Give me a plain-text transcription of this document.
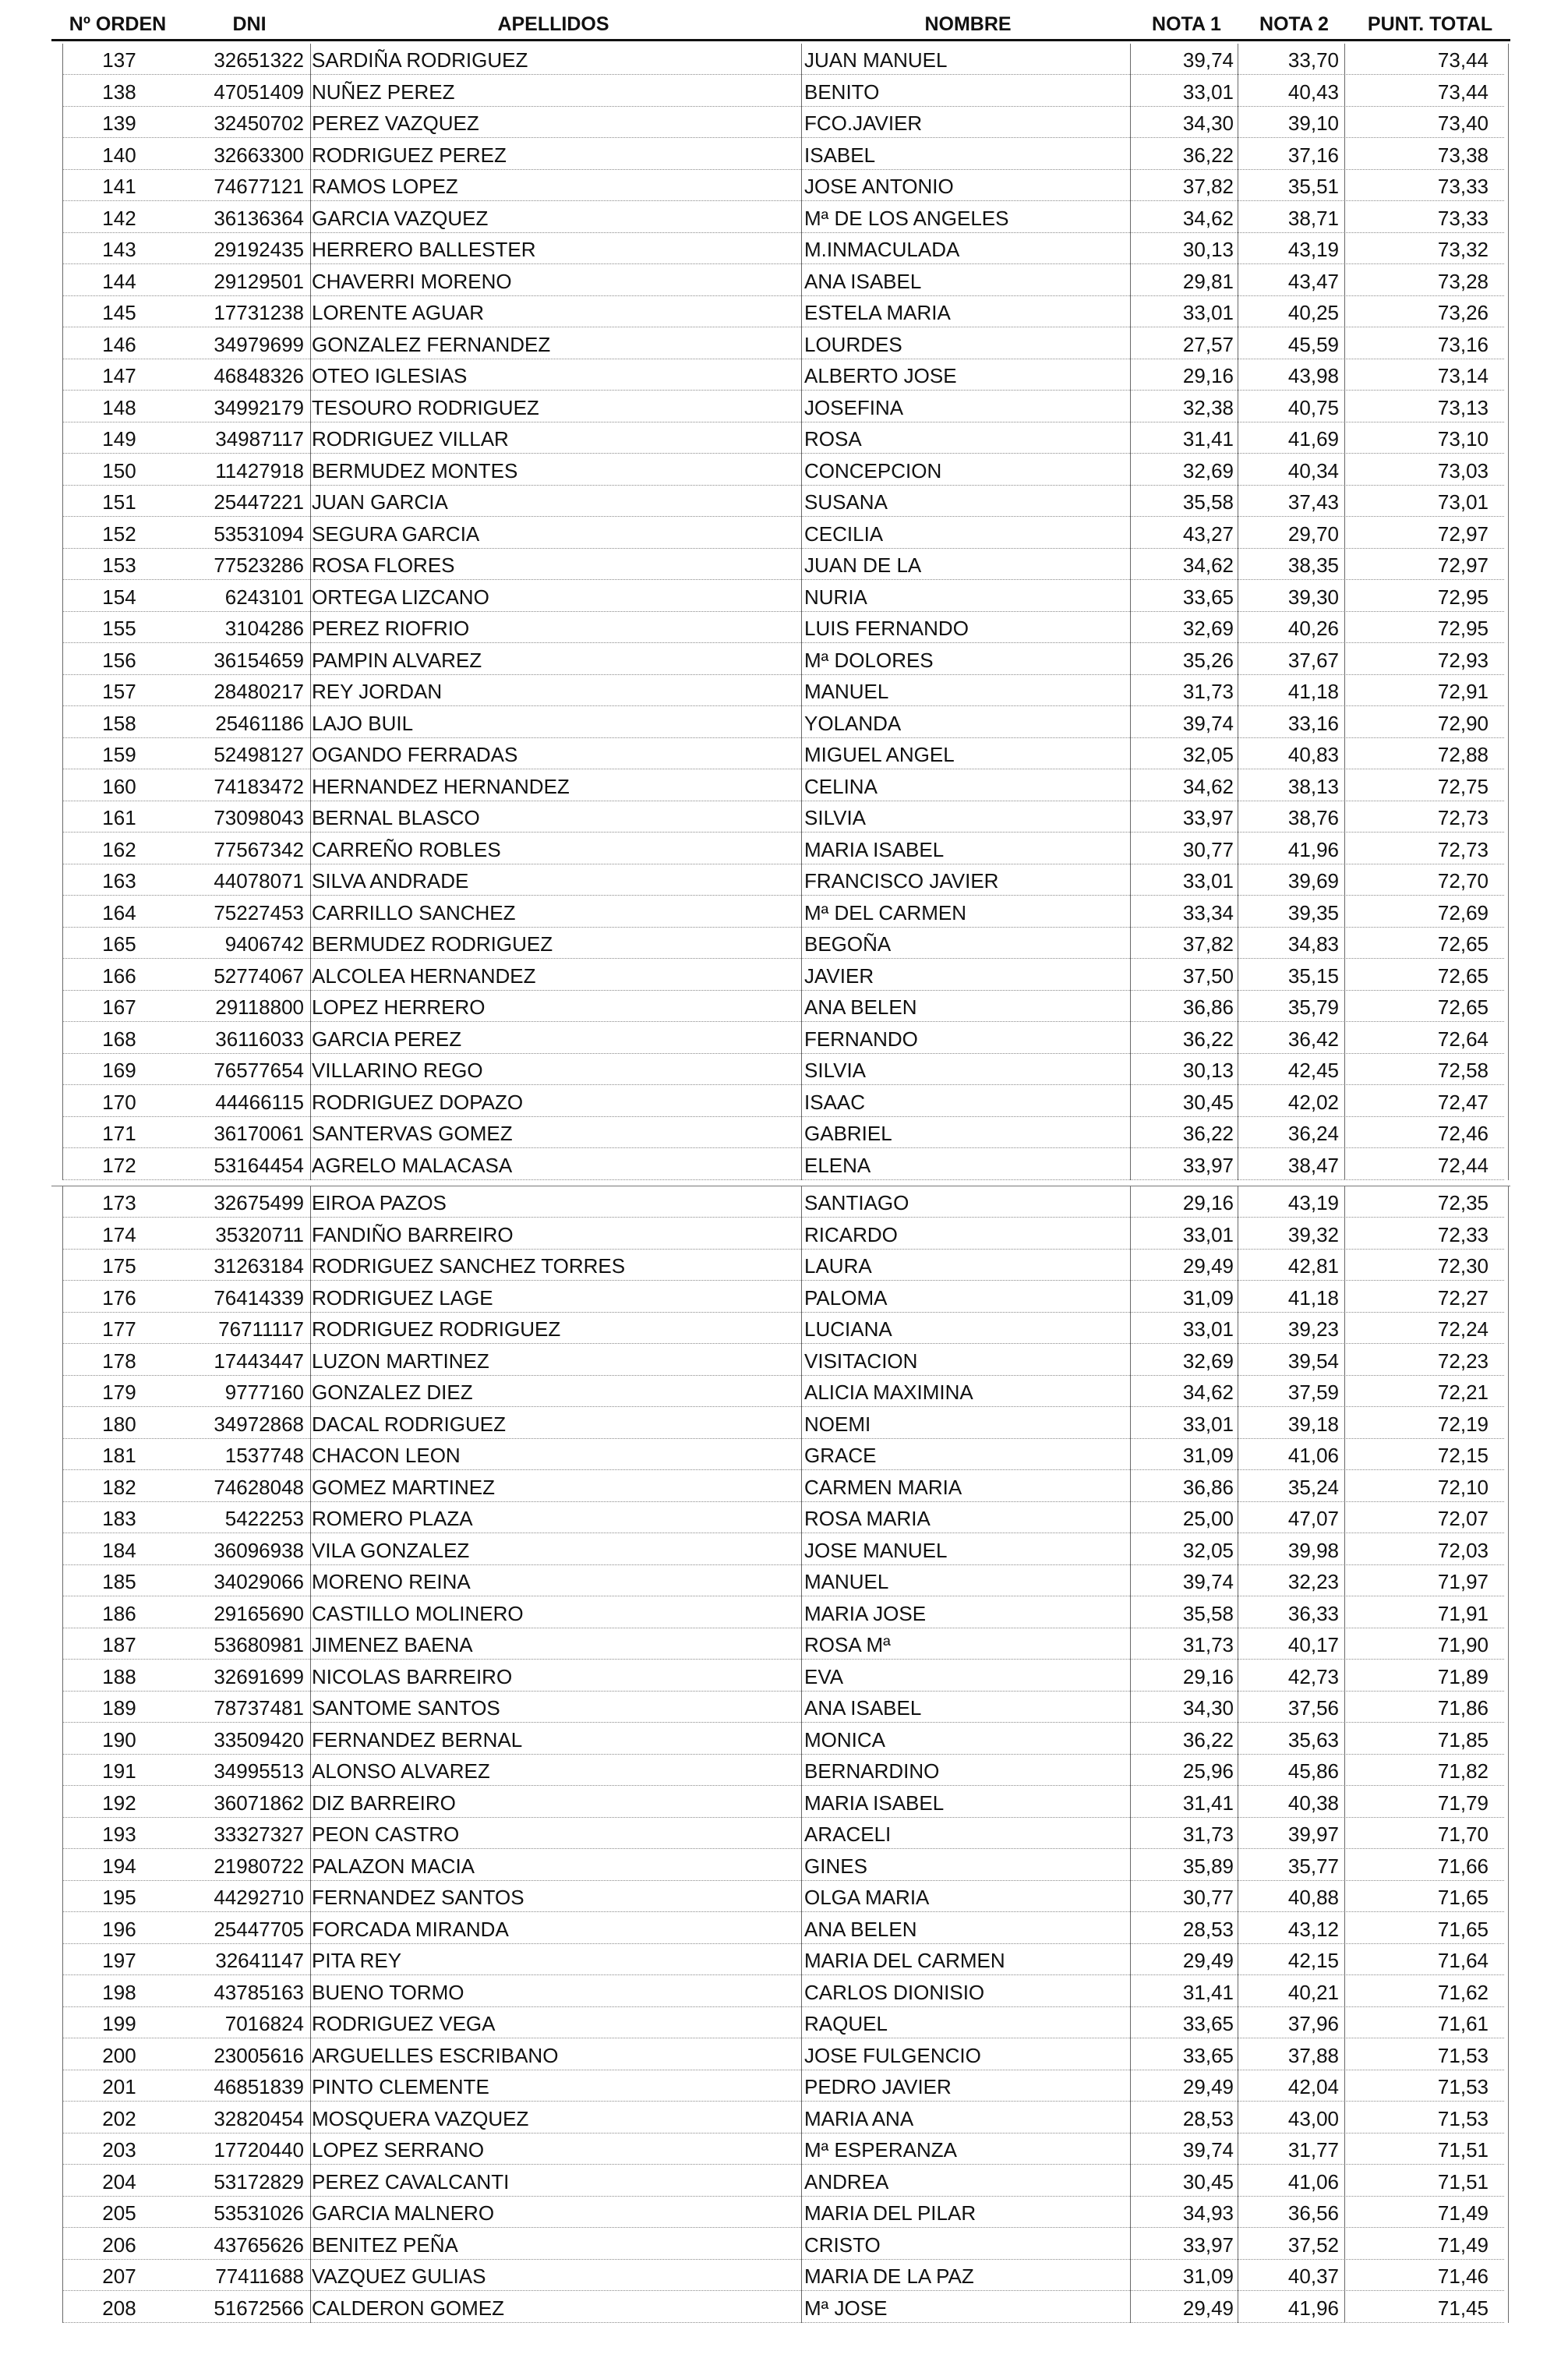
Nº ORDEN	DNI	APELLIDOS	NOMBRE	NOTA 1	NOTA 2	PUNT. TOTAL
137	32651322 SARDIÑA RODRIGUEZ	JUAN MANUEL	39,74	33,70	73,44
138	47051409 NUÑEZ PEREZ	BENITO	33,01	40,43	73,44
139	32450702 PEREZ VAZQUEZ	FCO.JAVIER	34,30	39,10	73,40
140	32663300 RODRIGUEZ PEREZ	ISABEL	36,22	37,16	73,38
141	74677121 RAMOS LOPEZ	JOSE ANTONIO	37,82	35,51	73,33
142	36136364 GARCIA VAZQUEZ	Mª DE LOS ANGELES	34,62	38,71	73,33
143	29192435 HERRERO BALLESTER	M.INMACULADA	30,13	43,19	73,32
144	29129501 CHAVERRI MORENO	ANA ISABEL	29,81	43,47	73,28
145	17731238 LORENTE AGUAR	ESTELA MARIA	33,01	40,25	73,26
146	34979699 GONZALEZ FERNANDEZ	LOURDES	27,57	45,59	73,16
147	46848326 OTEO IGLESIAS	ALBERTO JOSE	29,16	43,98	73,14
148	34992179 TESOURO RODRIGUEZ	JOSEFINA	32,38	40,75	73,13
149	34987117 RODRIGUEZ VILLAR	ROSA	31,41	41,69	73,10
150	11427918 BERMUDEZ MONTES	CONCEPCION	32,69	40,34	73,03
151	25447221 JUAN GARCIA	SUSANA	35,58	37,43	73,01
152	53531094 SEGURA GARCIA	CECILIA	43,27	29,70	72,97
153	77523286 ROSA FLORES	JUAN DE LA	34,62	38,35	72,97
154	6243101 ORTEGA LIZCANO	NURIA	33,65	39,30	72,95
155	3104286 PEREZ RIOFRIO	LUIS FERNANDO	32,69	40,26	72,95
156	36154659 PAMPIN ALVAREZ	Mª DOLORES	35,26	37,67	72,93
157	28480217 REY JORDAN	MANUEL	31,73	41,18	72,91
158	25461186 LAJO BUIL	YOLANDA	39,74	33,16	72,90
159	52498127 OGANDO FERRADAS	MIGUEL ANGEL	32,05	40,83	72,88
160	74183472 HERNANDEZ HERNANDEZ	CELINA	34,62	38,13	72,75
161	73098043 BERNAL BLASCO	SILVIA	33,97	38,76	72,73
162	77567342 CARREÑO ROBLES	MARIA ISABEL	30,77	41,96	72,73
163	44078071 SILVA ANDRADE	FRANCISCO JAVIER	33,01	39,69	72,70
164	75227453 CARRILLO SANCHEZ	Mª DEL CARMEN	33,34	39,35	72,69
165	9406742 BERMUDEZ RODRIGUEZ	BEGOÑA	37,82	34,83	72,65
166	52774067 ALCOLEA HERNANDEZ	JAVIER	37,50	35,15	72,65
167	29118800 LOPEZ HERRERO	ANA BELEN	36,86	35,79	72,65
168	36116033 GARCIA PEREZ	FERNANDO	36,22	36,42	72,64
169	76577654 VILLARINO REGO	SILVIA	30,13	42,45	72,58
170	44466115 RODRIGUEZ DOPAZO	ISAAC	30,45	42,02	72,47
171	36170061 SANTERVAS GOMEZ	GABRIEL	36,22	36,24	72,46
172	53164454 AGRELO MALACASA	ELENA	33,97	38,47	72,44
173	32675499 EIROA PAZOS	SANTIAGO	29,16	43,19	72,35
174	35320711 FANDIÑO BARREIRO	RICARDO	33,01	39,32	72,33
175	31263184 RODRIGUEZ SANCHEZ TORRES	LAURA	29,49	42,81	72,30
176	76414339 RODRIGUEZ LAGE	PALOMA	31,09	41,18	72,27
177	76711117 RODRIGUEZ RODRIGUEZ	LUCIANA	33,01	39,23	72,24
178	17443447 LUZON MARTINEZ	VISITACION	32,69	39,54	72,23
179	9777160 GONZALEZ DIEZ	ALICIA MAXIMINA	34,62	37,59	72,21
180	34972868 DACAL RODRIGUEZ	NOEMI	33,01	39,18	72,19
181	1537748 CHACON LEON	GRACE	31,09	41,06	72,15
182	74628048 GOMEZ MARTINEZ	CARMEN MARIA	36,86	35,24	72,10
183	5422253 ROMERO PLAZA	ROSA MARIA	25,00	47,07	72,07
184	36096938 VILA GONZALEZ	JOSE MANUEL	32,05	39,98	72,03
185	34029066 MORENO REINA	MANUEL	39,74	32,23	71,97
186	29165690 CASTILLO MOLINERO	MARIA JOSE	35,58	36,33	71,91
187	53680981 JIMENEZ BAENA	ROSA Mª	31,73	40,17	71,90
188	32691699 NICOLAS BARREIRO	EVA	29,16	42,73	71,89
189	78737481 SANTOME SANTOS	ANA ISABEL	34,30	37,56	71,86
190	33509420 FERNANDEZ BERNAL	MONICA	36,22	35,63	71,85
191	34995513 ALONSO ALVAREZ	BERNARDINO	25,96	45,86	71,82
192	36071862 DIZ BARREIRO	MARIA ISABEL	31,41	40,38	71,79
193	33327327 PEON CASTRO	ARACELI	31,73	39,97	71,70
194	21980722 PALAZON MACIA	GINES	35,89	35,77	71,66
195	44292710 FERNANDEZ SANTOS	OLGA MARIA	30,77	40,88	71,65
196	25447705 FORCADA MIRANDA	ANA BELEN	28,53	43,12	71,65
197	32641147 PITA REY	MARIA DEL CARMEN	29,49	42,15	71,64
198	43785163 BUENO TORMO	CARLOS DIONISIO	31,41	40,21	71,62
199	7016824 RODRIGUEZ VEGA	RAQUEL	33,65	37,96	71,61
200	23005616 ARGUELLES ESCRIBANO	JOSE FULGENCIO	33,65	37,88	71,53
201	46851839 PINTO CLEMENTE	PEDRO JAVIER	29,49	42,04	71,53
202	32820454 MOSQUERA VAZQUEZ	MARIA ANA	28,53	43,00	71,53
203	17720440 LOPEZ SERRANO	Mª ESPERANZA	39,74	31,77	71,51
204	53172829 PEREZ CAVALCANTI	ANDREA	30,45	41,06	71,51
205	53531026 GARCIA MALNERO	MARIA DEL PILAR	34,93	36,56	71,49
206	43765626 BENITEZ PEÑA	CRISTO	33,97	37,52	71,49
207	77411688 VAZQUEZ GULIAS	MARIA DE LA PAZ	31,09	40,37	71,46
208	51672566 CALDERON GOMEZ	Mª JOSE	29,49	41,96	71,45
